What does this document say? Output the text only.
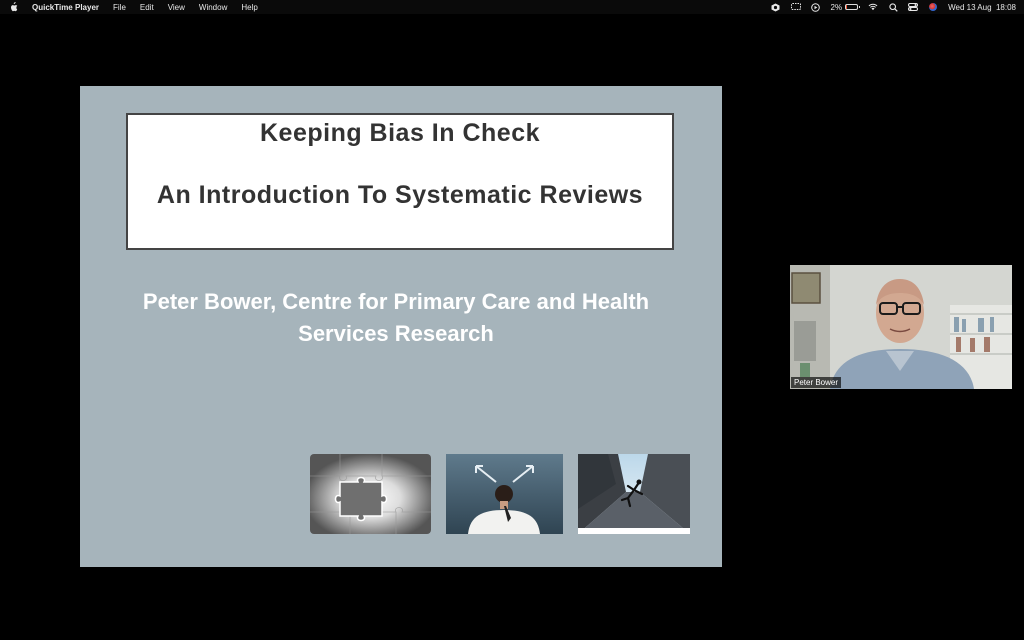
QuickTime Player File Edit View Window Help	2%	Wed 13 Aug  18:08
Keeping Bias In Check
An Introduction To Systematic Reviews
Peter Bower, Centre for Primary Care and Health Services Research
Peter Bower
